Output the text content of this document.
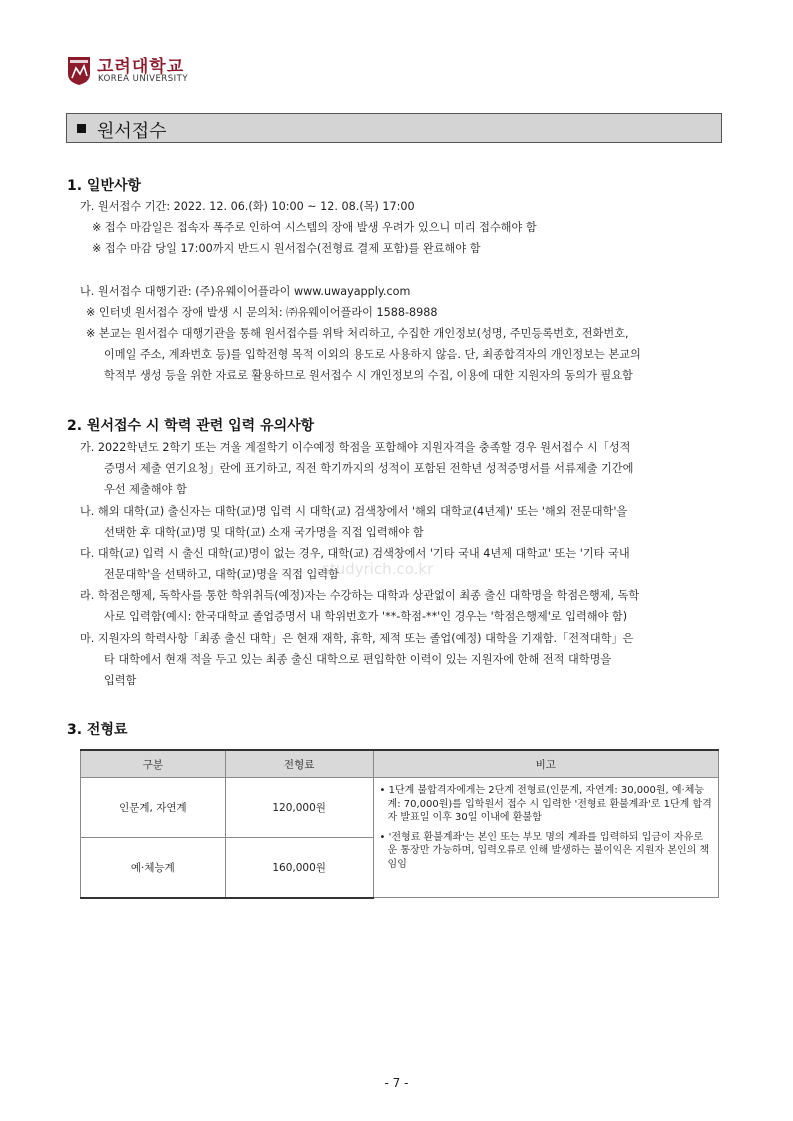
고려대학교
KOREA UNIVERSITY
원서접수
1. 일반사항
가. 원서접수 기간: 2022. 12. 06.(화) 10:00 ~ 12. 08.(목) 17:00
※ 접수 마감일은 접속자 폭주로 인하여 시스템의 장애 발생 우려가 있으니 미리 접수해야 함
※ 접수 마감 당일 17:00까지 반드시 원서접수(전형료 결제 포함)를 완료해야 함
나. 원서접수 대행기관: (주)유웨이어플라이 www.uwayapply.com
※ 인터넷 원서접수 장애 발생 시 문의처: ㈜유웨이어플라이 1588-8988
※ 본교는 원서접수 대행기관을 통해 원서접수를 위탁 처리하고, 수집한 개인정보(성명, 주민등록번호, 전화번호,
이메일 주소, 계좌번호 등)를 입학전형 목적 이외의 용도로 사용하지 않음. 단, 최종합격자의 개인정보는 본교의
학적부 생성 등을 위한 자료로 활용하므로 원서접수 시 개인정보의 수집, 이용에 대한 지원자의 동의가 필요함
2. 원서접수 시 학력 관련 입력 유의사항
가. 2022학년도 2학기 또는 겨울 계절학기 이수예정 학점을 포함해야 지원자격을 충족할 경우 원서접수 시「성적
증명서 제출 연기요청」란에 표기하고, 직전 학기까지의 성적이 포함된 전학년 성적증명서를 서류제출 기간에
우선 제출해야 함
나. 해외 대학(교) 출신자는 대학(교)명 입력 시 대학(교) 검색창에서 '해외 대학교(4년제)' 또는 '해외 전문대학'을
선택한 후 대학(교)명 및 대학(교) 소재 국가명을 직접 입력해야 함
다. 대학(교) 입력 시 출신 대학(교)명이 없는 경우, 대학(교) 검색창에서 '기타 국내 4년제 대학교' 또는 '기타 국내
전문대학'을 선택하고, 대학(교)명을 직접 입력함
라. 학점은행제, 독학사를 통한 학위취득(예정)자는 수강하는 대학과 상관없이 최종 출신 대학명을 학점은행제, 독학
사로 입력함(예시: 한국대학교 졸업증명서 내 학위번호가 '**-학점-**'인 경우는 '학점은행제'로 입력해야 함)
마. 지원자의 학력사항「최종 출신 대학」은 현재 재학, 휴학, 제적 또는 졸업(예정) 대학을 기재함.「전적대학」은
타 대학에서 현재 적을 두고 있는 최종 출신 대학으로 편입학한 이력이 있는 지원자에 한해 전적 대학명을
입력함
studyrich.co.kr
3. 전형료
구분	전형료	비고
인문계, 자연계	120,000원	• 1단계 불합격자에게는 2단계 전형료(인문계, 자연계: 30,000원, 예·체능계: 70,000원)를 입학원서 접수 시 입력한 '전형료 환불계좌'로 1단계 합격자 발표일 이후 30일 이내에 환불함

• '전형료 환불계좌'는 본인 또는 부모 명의 계좌를 입력하되 입금이 자유로운 통장만 가능하며, 입력오류로 인해 발생하는 불이익은 지원자 본인의 책임임

예·체능계	160,000원	
- 7 -
